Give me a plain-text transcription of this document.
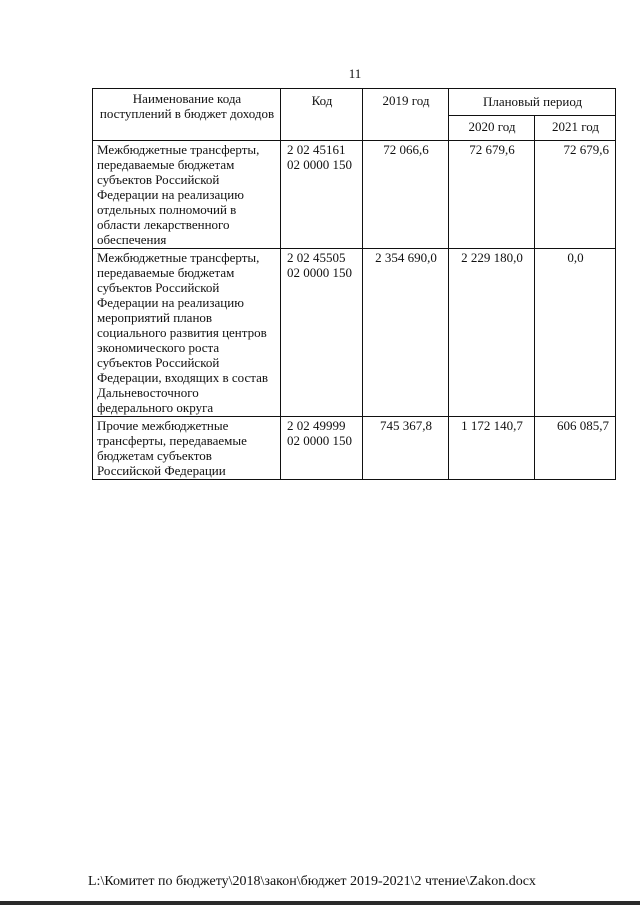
11
Наименование кода поступлений в бюджет доходов	Код	2019 год	Плановый период	
			2020 год	2021 год
Межбюджетные трансферты, передаваемые бюджетам субъектов Российской Федерации на реализацию отдельных полномочий в области лекарственного обеспечения	2 02 45161 02 0000 150	72 066,6	72 679,6	72 679,6
Межбюджетные трансферты, передаваемые бюджетам субъектов Российской Федерации на реализацию мероприятий планов социального развития центров экономического роста субъектов Российской Федерации, входящих в состав Дальневосточного федерального округа	2 02 45505 02 0000 150	2 354 690,0	2 229 180,0	0,0
Прочие межбюджетные трансферты, передаваемые бюджетам субъектов Российской Федерации	2 02 49999 02 0000 150	745 367,8	1 172 140,7	606 085,7
L:\Комитет по бюджету\2018\закон\бюджет 2019-2021\2 чтение\Zakon.docx
